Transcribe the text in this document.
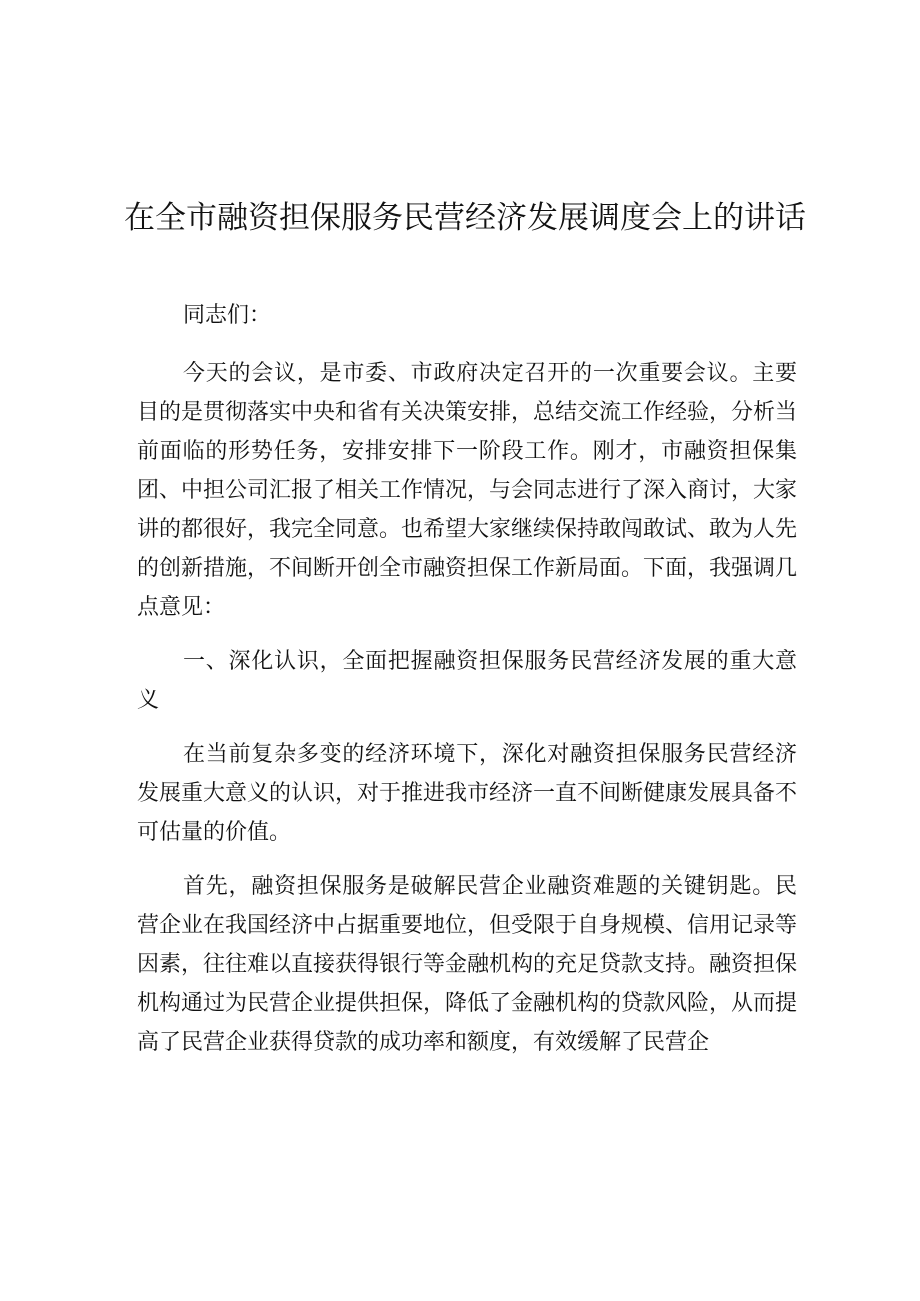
在全市融资担保服务民营经济发展调度会上的讲话

同志们：

今天的会议，是市委、市政府决定召开的一次重要会议。主要目的是贯彻落实中央和省有关决策安排，总结交流工作经验，分析当前面临的形势任务，安排安排下一阶段工作。刚才，市融资担保集团、中担公司汇报了相关工作情况，与会同志进行了深入商讨，大家讲的都很好，我完全同意。也希望大家继续保持敢闯敢试、敢为人先的创新措施，不间断开创全市融资担保工作新局面。下面，我强调几点意见：

一、深化认识，全面把握融资担保服务民营经济发展的重大意义

在当前复杂多变的经济环境下，深化对融资担保服务民营经济发展重大意义的认识，对于推进我市经济一直不间断健康发展具备不可估量的价值。

首先，融资担保服务是破解民营企业融资难题的关键钥匙。民营企业在我国经济中占据重要地位，但受限于自身规模、信用记录等因素，往往难以直接获得银行等金融机构的充足贷款支持。融资担保机构通过为民营企业提供担保，降低了金融机构的贷款风险，从而提高了民营企业获得贷款的成功率和额度，有效缓解了民营企
